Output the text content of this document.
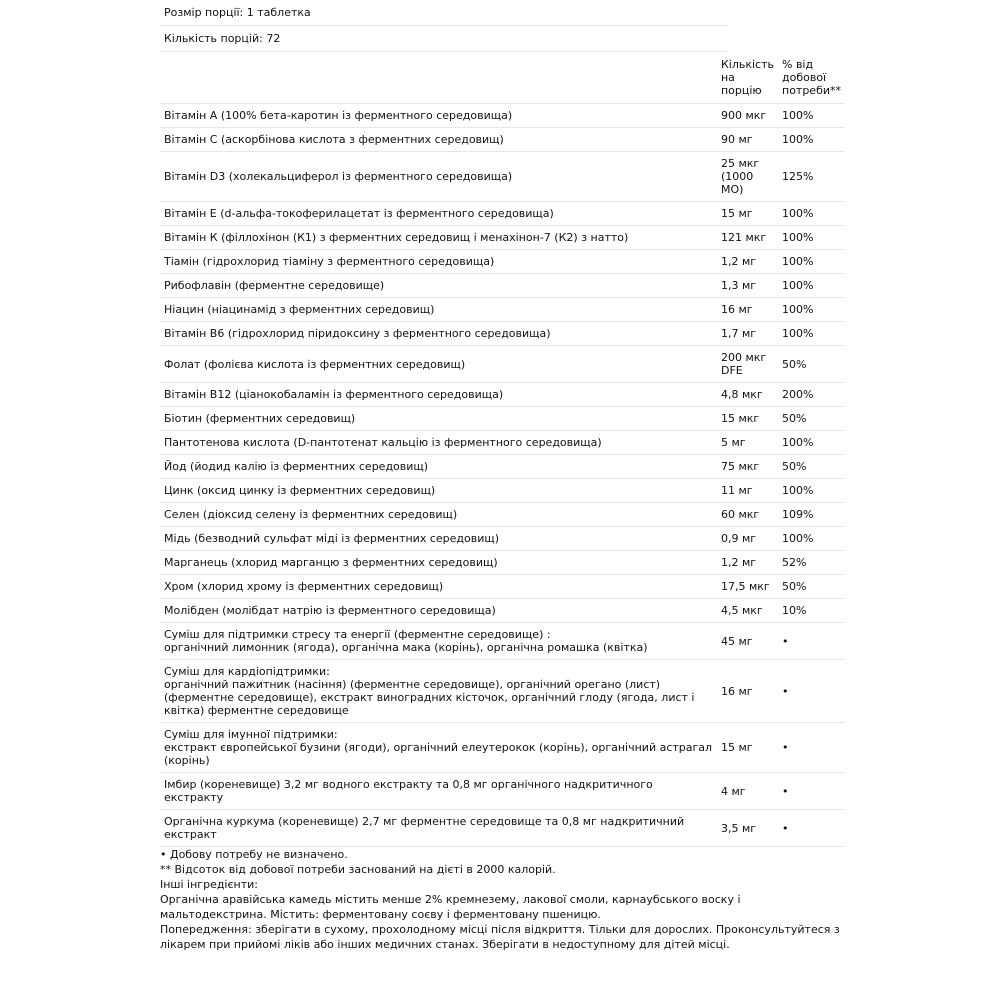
Розмір порції: 1 таблетка
Кількість порцій: 72
	Кількість на порцію	% від добової потреби**
Вітамін А (100% бета-каротин із ферментного середовища)	900 мкг	100%
Вітамін С (аскорбінова кислота з ферментних середовищ)	90 мг	100%
Вітамін D3 (холекальциферол із ферментного середовища)	25 мкг (1000 МО)	125%
Вітамін Е (d-альфа-токоферилацетат із ферментного середовища)	15 мг	100%
Вітамін К (філлохінон (К1) з ферментних середовищ і менахінон-7 (К2) з натто)	121 мкг	100%
Тіамін (гідрохлорид тіаміну з ферментного середовища)	1,2 мг	100%
Рибофлавін (ферментне середовище)	1,3 мг	100%
Ніацин (ніацинамід з ферментних середовищ)	16 мг	100%
Вітамін В6 (гідрохлорид піридоксину з ферментного середовища)	1,7 мг	100%
Фолат (фолієва кислота із ферментних середовищ)	200 мкг DFE	50%
Вітамін В12 (ціанокобаламін із ферментного середовища)	4,8 мкг	200%
Біотин (ферментних середовищ)	15 мкг	50%
Пантотенова кислота (D-пантотенат кальцію із ферментного середовища)	5 мг	100%
Йод (йодид калію із ферментних середовищ)	75 мкг	50%
Цинк (оксид цинку із ферментних середовищ)	11 мг	100%
Селен (діоксид селену із ферментних середовищ)	60 мкг	109%
Мідь (безводний сульфат міді із ферментних середовищ)	0,9 мг	100%
Марганець (хлорид марганцю з ферментних середовищ)	1,2 мг	52%
Хром (хлорид хрому із ферментних середовищ)	17,5 мкг	50%
Молібден (молібдат натрію із ферментного середовища)	4,5 мкг	10%
Суміш для підтримки стресу та енергії (ферментне середовище) :
органічний лимонник (ягода), органічна мака (корінь), органічна ромашка (квітка)	45 мг	•
Суміш для кардіопідтримки:
органічний пажитник (насіння) (ферментне середовище), органічний орегано (лист) (ферментне середовище), екстракт виноградних кісточок, органічний глоду (ягода, лист і квітка) ферментне середовище	16 мг	•
Суміш для імунної підтримки:
екстракт європейської бузини (ягоди), органічний елеутерокок (корінь), органічний астрагал (корінь)	15 мг	•
Імбир (кореневище) 3,2 мг водного екстракту та 0,8 мг органічного надкритичного екстракту	4 мг	•
Органічна куркума (кореневище) 2,7 мг ферментне середовище та 0,8 мг надкритичний екстракт	3,5 мг	•

• Добову потребу не визначено.

** Відсоток від добової потреби заснований на дієті в 2000 калорій.

Інші інгредієнти:

Органічна аравійська камедь містить менше 2% кремнезему, лакової смоли, карнаубського воску і мальтодекстрина. Містить: ферментовану соєву і ферментовану пшеницю.

Попередження: зберігати в сухому, прохолодному місці після відкриття. Тільки для дорослих. Проконсультуйтеся з лікарем при прийомі ліків або інших медичних станах. Зберігати в недоступному для дітей місці.
